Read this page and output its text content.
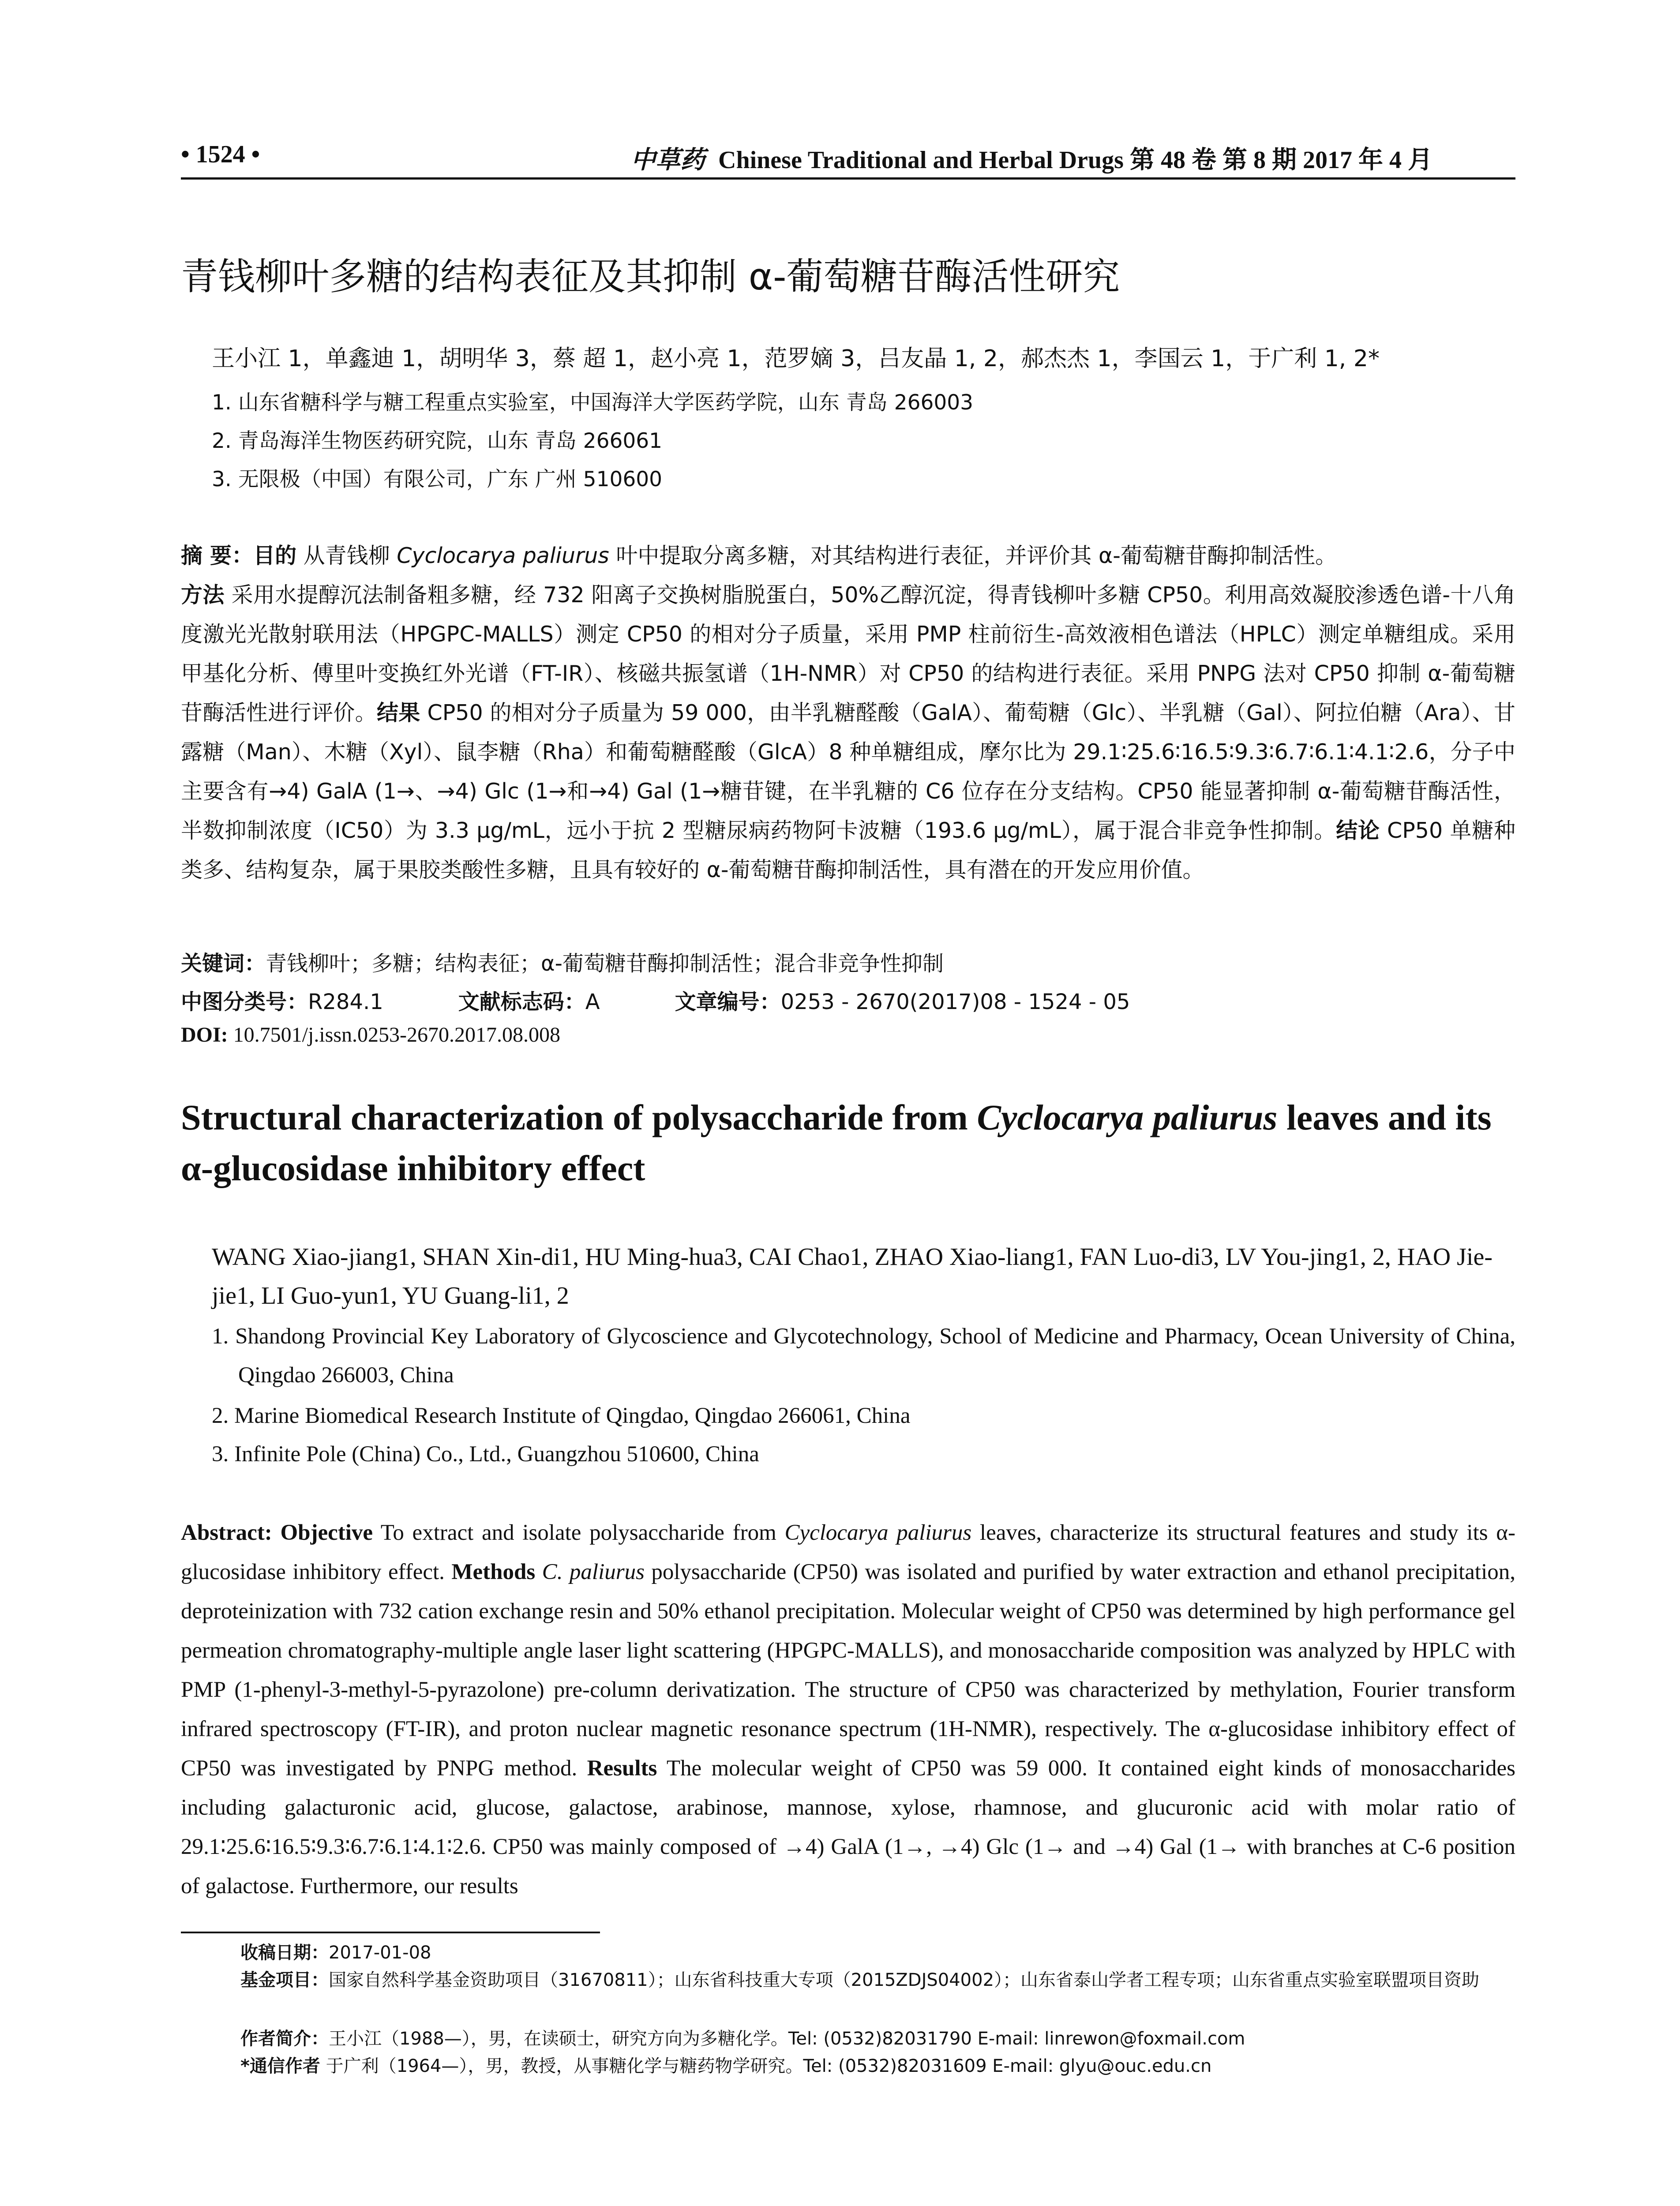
• 1524 •	中草药 Chinese Traditional and Herbal Drugs 第 48 卷 第 8 期 2017 年 4 月
青钱柳叶多糖的结构表征及其抑制 α-葡萄糖苷酶活性研究
王小江 1，单鑫迪 1，胡明华 3，蔡 超 1，赵小亮 1，范罗嫡 3，吕友晶 1, 2，郝杰杰 1，李国云 1，于广利 1, 2*
1. 山东省糖科学与糖工程重点实验室，中国海洋大学医药学院，山东 青岛 266003
2. 青岛海洋生物医药研究院，山东 青岛 266061
3. 无限极（中国）有限公司，广东 广州 510600
摘 要：目的 从青钱柳 Cyclocarya paliurus 叶中提取分离多糖，对其结构进行表征，并评价其 α-葡萄糖苷酶抑制活性。
方法 采用水提醇沉法制备粗多糖，经 732 阳离子交换树脂脱蛋白，50%乙醇沉淀，得青钱柳叶多糖 CP50。利用高效凝胶渗透色谱-十八角度激光光散射联用法（HPGPC-MALLS）测定 CP50 的相对分子质量，采用 PMP 柱前衍生-高效液相色谱法（HPLC）测定单糖组成。采用甲基化分析、傅里叶变换红外光谱（FT-IR）、核磁共振氢谱（1H-NMR）对 CP50 的结构进行表征。采用 PNPG 法对 CP50 抑制 α-葡萄糖苷酶活性进行评价。结果 CP50 的相对分子质量为 59 000，由半乳糖醛酸（GalA）、葡萄糖（Glc）、半乳糖（Gal）、阿拉伯糖（Ara）、甘露糖（Man）、木糖（Xyl）、鼠李糖（Rha）和葡萄糖醛酸（GlcA）8 种单糖组成，摩尔比为 29.1∶25.6∶16.5∶9.3∶6.7∶6.1∶4.1∶2.6，分子中主要含有→4) GalA (1→、→4) Glc (1→和→4) Gal (1→糖苷键，在半乳糖的 C6 位存在分支结构。CP50 能显著抑制 α-葡萄糖苷酶活性，半数抑制浓度（IC50）为 3.3 μg/mL，远小于抗 2 型糖尿病药物阿卡波糖（193.6 μg/mL），属于混合非竞争性抑制。结论 CP50 单糖种类多、结构复杂，属于果胶类酸性多糖，且具有较好的 α-葡萄糖苷酶抑制活性，具有潜在的开发应用价值。
关键词：青钱柳叶；多糖；结构表征；α-葡萄糖苷酶抑制活性；混合非竞争性抑制
中图分类号：R284.1	文献标志码：A	文章编号：0253 - 2670(2017)08 - 1524 - 05
DOI: 10.7501/j.issn.0253-2670.2017.08.008
Structural characterization of polysaccharide from Cyclocarya paliurus leaves and its α-glucosidase inhibitory effect
WANG Xiao-jiang1, SHAN Xin-di1, HU Ming-hua3, CAI Chao1, ZHAO Xiao-liang1, FAN Luo-di3, LV You-jing1, 2, HAO Jie-jie1, LI Guo-yun1, YU Guang-li1, 2
1. Shandong Provincial Key Laboratory of Glycoscience and Glycotechnology, School of Medicine and Pharmacy, Ocean University of China, Qingdao 266003, China
2. Marine Biomedical Research Institute of Qingdao, Qingdao 266061, China
3. Infinite Pole (China) Co., Ltd., Guangzhou 510600, China
Abstract: Objective To extract and isolate polysaccharide from Cyclocarya paliurus leaves, characterize its structural features and study its α-glucosidase inhibitory effect. Methods C. paliurus polysaccharide (CP50) was isolated and purified by water extraction and ethanol precipitation, deproteinization with 732 cation exchange resin and 50% ethanol precipitation. Molecular weight of CP50 was determined by high performance gel permeation chromatography-multiple angle laser light scattering (HPGPC-MALLS), and monosaccharide composition was analyzed by HPLC with PMP (1-phenyl-3-methyl-5-pyrazolone) pre-column derivatization. The structure of CP50 was characterized by methylation, Fourier transform infrared spectroscopy (FT-IR), and proton nuclear magnetic resonance spectrum (1H-NMR), respectively. The α-glucosidase inhibitory effect of CP50 was investigated by PNPG method. Results The molecular weight of CP50 was 59 000. It contained eight kinds of monosaccharides including galacturonic acid, glucose, galactose, arabinose, mannose, xylose, rhamnose, and glucuronic acid with molar ratio of 29.1∶25.6∶16.5∶9.3∶6.7∶6.1∶4.1∶2.6. CP50 was mainly composed of →4) GalA (1→, →4) Glc (1→ and →4) Gal (1→ with branches at C-6 position of galactose. Furthermore, our results
收稿日期：2017-01-08
基金项目：国家自然科学基金资助项目（31670811）；山东省科技重大专项（2015ZDJS04002）；山东省泰山学者工程专项；山东省重点实验室联盟项目资助
作者简介：王小江（1988—），男，在读硕士，研究方向为多糖化学。Tel: (0532)82031790 E-mail: linrewon@foxmail.com
*通信作者 于广利（1964—），男，教授，从事糖化学与糖药物学研究。Tel: (0532)82031609 E-mail: glyu@ouc.edu.cn
